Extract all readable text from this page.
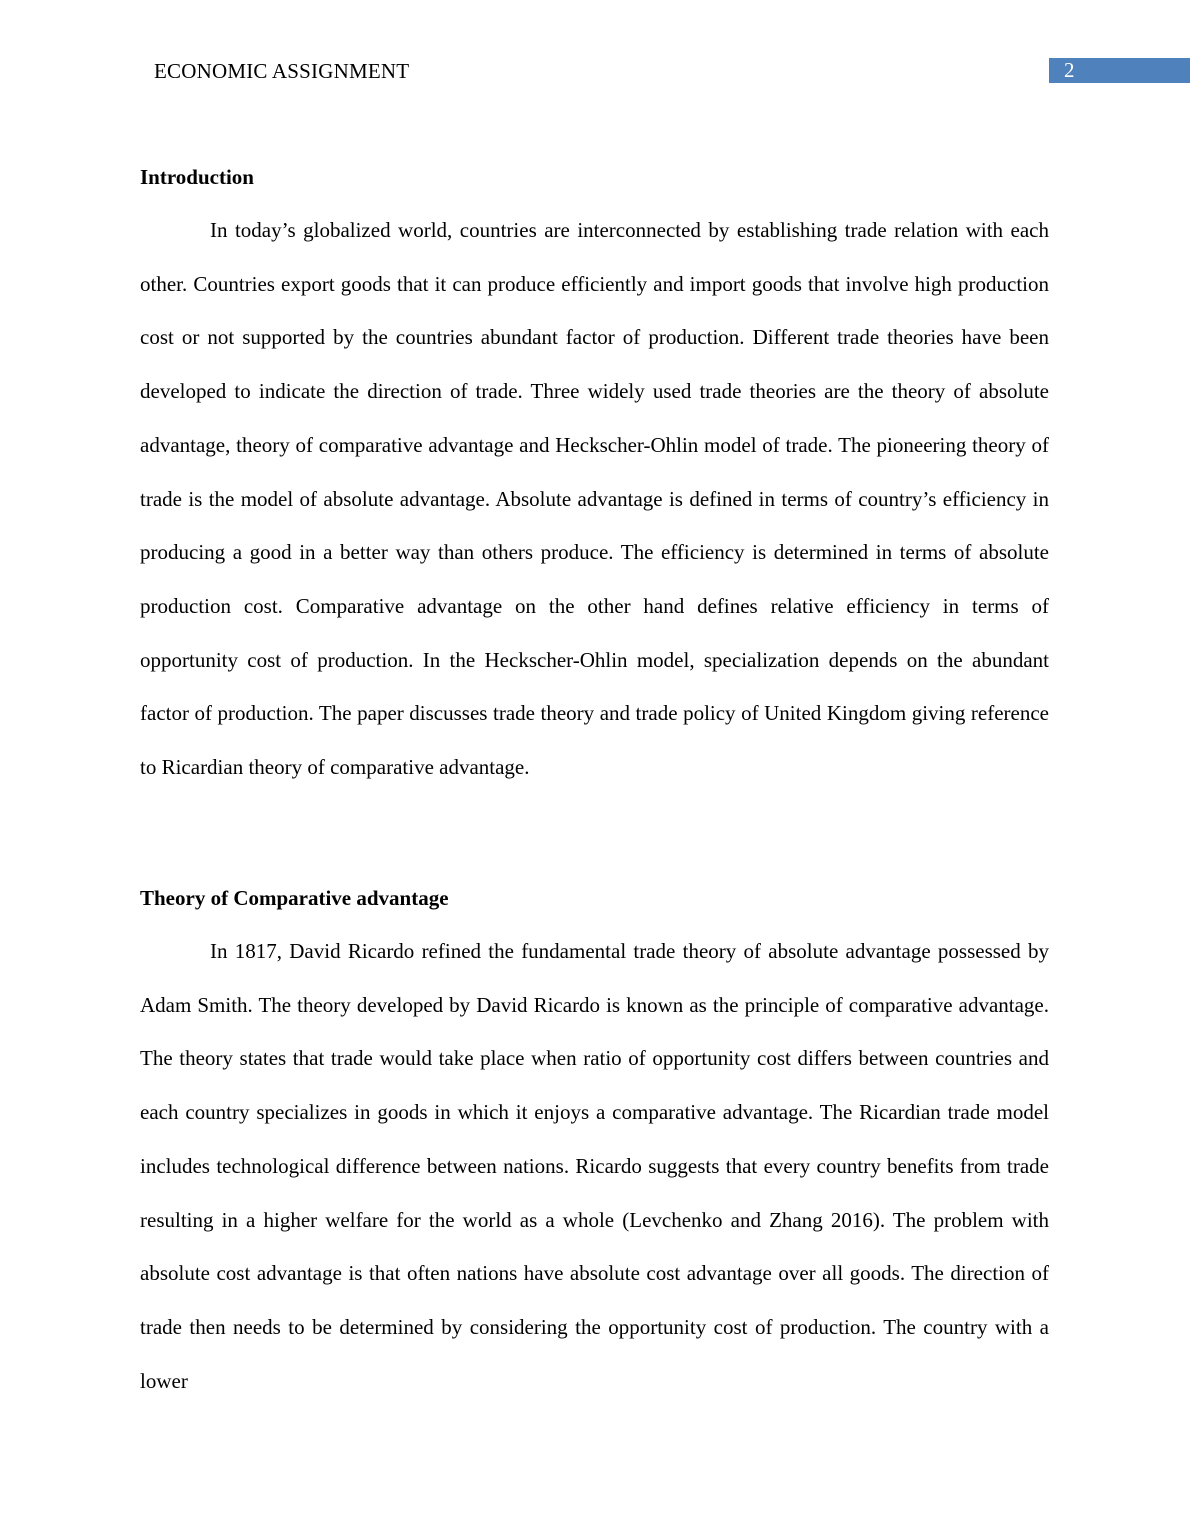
ECONOMIC ASSIGNMENT	2
Introduction

In today’s globalized world, countries are interconnected by establishing trade relation with each other. Countries export goods that it can produce efficiently and import goods that involve high production cost or not supported by the countries abundant factor of production. Different trade theories have been developed to indicate the direction of trade. Three widely used trade theories are the theory of absolute advantage, theory of comparative advantage and Heckscher-Ohlin model of trade. The pioneering theory of trade is the model of absolute advantage. Absolute advantage is defined in terms of country’s efficiency in producing a good in a better way than others produce. The efficiency is determined in terms of absolute production cost. Comparative advantage on the other hand defines relative efficiency in terms of opportunity cost of production. In the Heckscher-Ohlin model, specialization depends on the abundant factor of production. The paper discusses trade theory and trade policy of United Kingdom giving reference to Ricardian theory of comparative advantage.

Theory of Comparative advantage

In 1817, David Ricardo refined the fundamental trade theory of absolute advantage possessed by Adam Smith. The theory developed by David Ricardo is known as the principle of comparative advantage. The theory states that trade would take place when ratio of opportunity cost differs between countries and each country specializes in goods in which it enjoys a comparative advantage. The Ricardian trade model includes technological difference between nations. Ricardo suggests that every country benefits from trade resulting in a higher welfare for the world as a whole (Levchenko and Zhang 2016). The problem with absolute cost advantage is that often nations have absolute cost advantage over all goods. The direction of trade then needs to be determined by considering the opportunity cost of production. The country with a lower
